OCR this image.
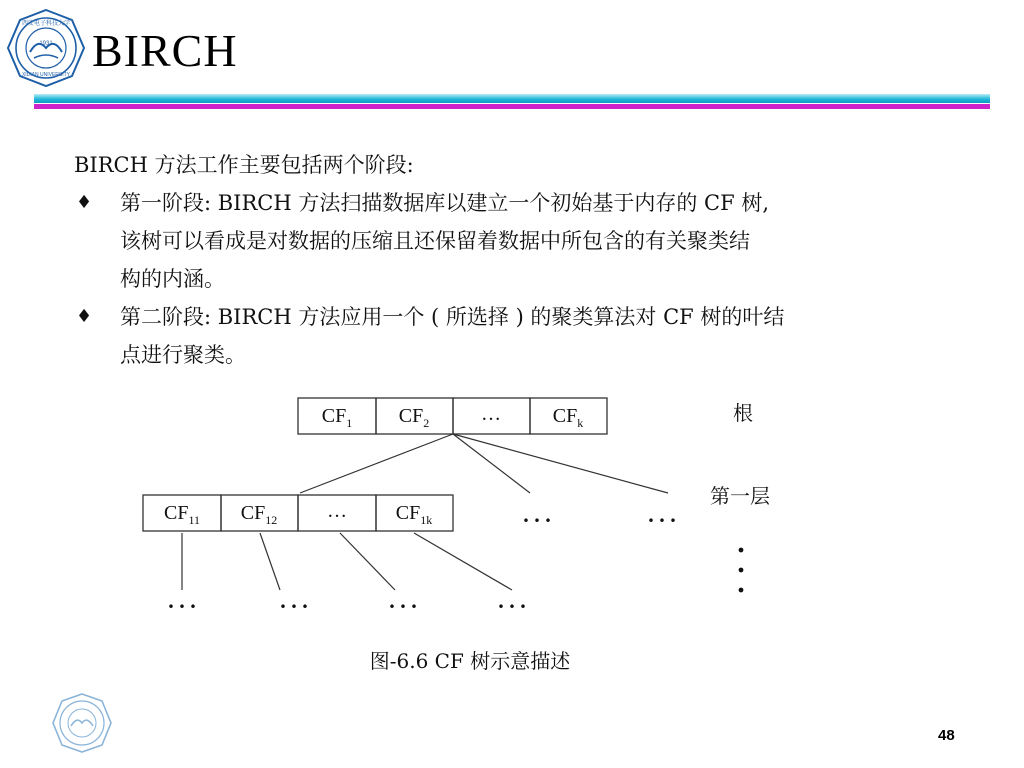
1931
西安电子科技大学
XIDIAN UNIVERSITY BIRCH
BIRCH 方法工作主要包括两个阶段:
♦ 第一阶段: BIRCH 方法扫描数据库以建立一个初始基于内存的 CF 树,
该树可以看成是对数据的压缩且还保留着数据中所包含的有关聚类结
构的内涵。
♦ 第二阶段: BIRCH 方法应用一个 ( 所选择 ) 的聚类算法对 CF 树的叶结
点进行聚类。
$CF_1$ $CF_2$	…	$CF_k$
$CF_{11}$ $CF_{12}$ … $CF_{1k}$
根
第一层
. . .	. . .
. . .	. . .	. . .	. . .
图-6.6 CF 树示意描述
48
